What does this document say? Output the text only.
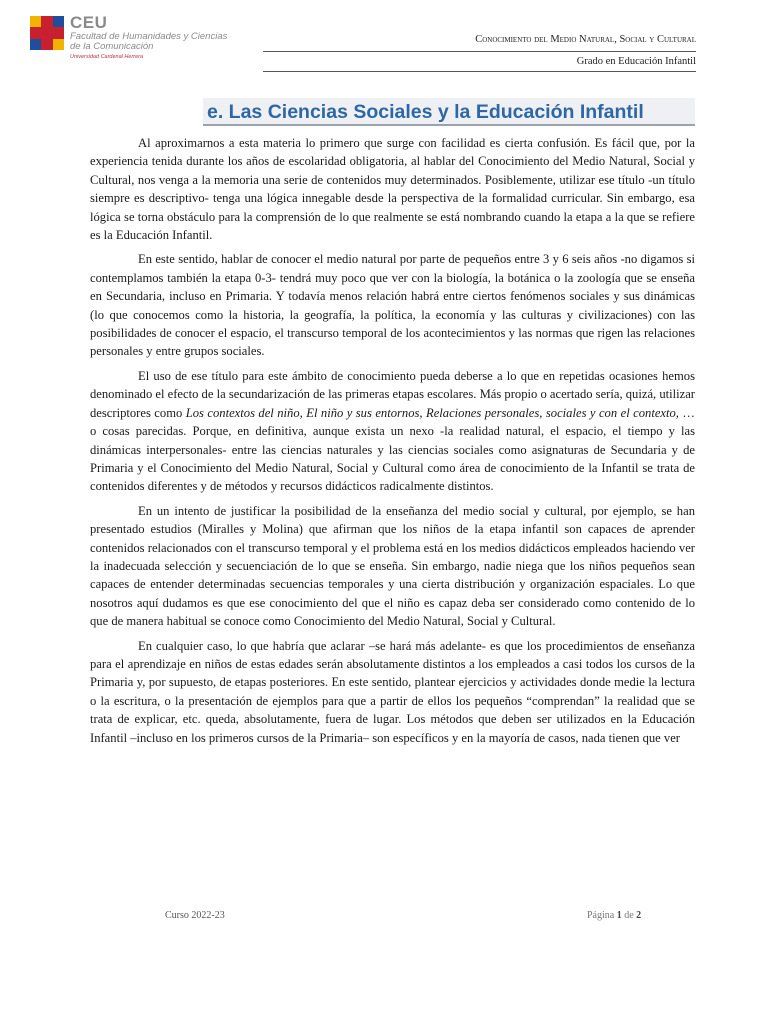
CEU
Facultad de Humanidades y Ciencias de la Comunicación
Universidad Cardenal Herrera
Conocimiento del Medio Natural, Social y Cultural
Grado en Educación Infantil
e. Las Ciencias Sociales y la Educación Infantil

Al aproximarnos a esta materia lo primero que surge con facilidad es cierta confusión. Es fácil que, por la experiencia tenida durante los años de escolaridad obligatoria, al hablar del Conocimiento del Medio Natural, Social y Cultural, nos venga a la memoria una serie de contenidos muy determinados. Posiblemente, utilizar ese título -un título siempre es descriptivo- tenga una lógica innegable desde la perspectiva de la formalidad curricular. Sin embargo, esa lógica se torna obstáculo para la comprensión de lo que realmente se está nombrando cuando la etapa a la que se refiere es la Educación Infantil.

En este sentido, hablar de conocer el medio natural por parte de pequeños entre 3 y 6 seis años -no digamos si contemplamos también la etapa 0-3- tendrá muy poco que ver con la biología, la botánica o la zoología que se enseña en Secundaria, incluso en Primaria. Y todavía menos relación habrá entre ciertos fenómenos sociales y sus dinámicas (lo que conocemos como la historia, la geografía, la política, la economía y las culturas y civilizaciones) con las posibilidades de conocer el espacio, el transcurso temporal de los acontecimientos y las normas que rigen las relaciones personales y entre grupos sociales.

El uso de ese título para este ámbito de conocimiento pueda deberse a lo que en repetidas ocasiones hemos denominado el efecto de la secundarización de las primeras etapas escolares. Más propio o acertado sería, quizá, utilizar descriptores como Los contextos del niño, El niño y sus entornos, Relaciones personales, sociales y con el contexto, … o cosas parecidas. Porque, en definitiva, aunque exista un nexo -la realidad natural, el espacio, el tiempo y las dinámicas interpersonales- entre las ciencias naturales y las ciencias sociales como asignaturas de Secundaria y de Primaria y el Conocimiento del Medio Natural, Social y Cultural como área de conocimiento de la Infantil se trata de contenidos diferentes y de métodos y recursos didácticos radicalmente distintos.

En un intento de justificar la posibilidad de la enseñanza del medio social y cultural, por ejemplo, se han presentado estudios (Miralles y Molina) que afirman que los niños de la etapa infantil son capaces de aprender contenidos relacionados con el transcurso temporal y el problema está en los medios didácticos empleados haciendo ver la inadecuada selección y secuenciación de lo que se enseña. Sin embargo, nadie niega que los niños pequeños sean capaces de entender determinadas secuencias temporales y una cierta distribución y organización espaciales. Lo que nosotros aquí dudamos es que ese conocimiento del que el niño es capaz deba ser considerado como contenido de lo que de manera habitual se conoce como Conocimiento del Medio Natural, Social y Cultural.

En cualquier caso, lo que habría que aclarar –se hará más adelante- es que los procedimientos de enseñanza para el aprendizaje en niños de estas edades serán absolutamente distintos a los empleados a casi todos los cursos de la Primaria y, por supuesto, de etapas posteriores. En este sentido, plantear ejercicios y actividades donde medie la lectura o la escritura, o la presentación de ejemplos para que a partir de ellos los pequeños “comprendan” la realidad que se trata de explicar, etc. queda, absolutamente, fuera de lugar. Los métodos que deben ser utilizados en la Educación Infantil –incluso en los primeros cursos de la Primaria– son específicos y en la mayoría de casos, nada tienen que ver

Curso 2022-23	Página 1 de 2
